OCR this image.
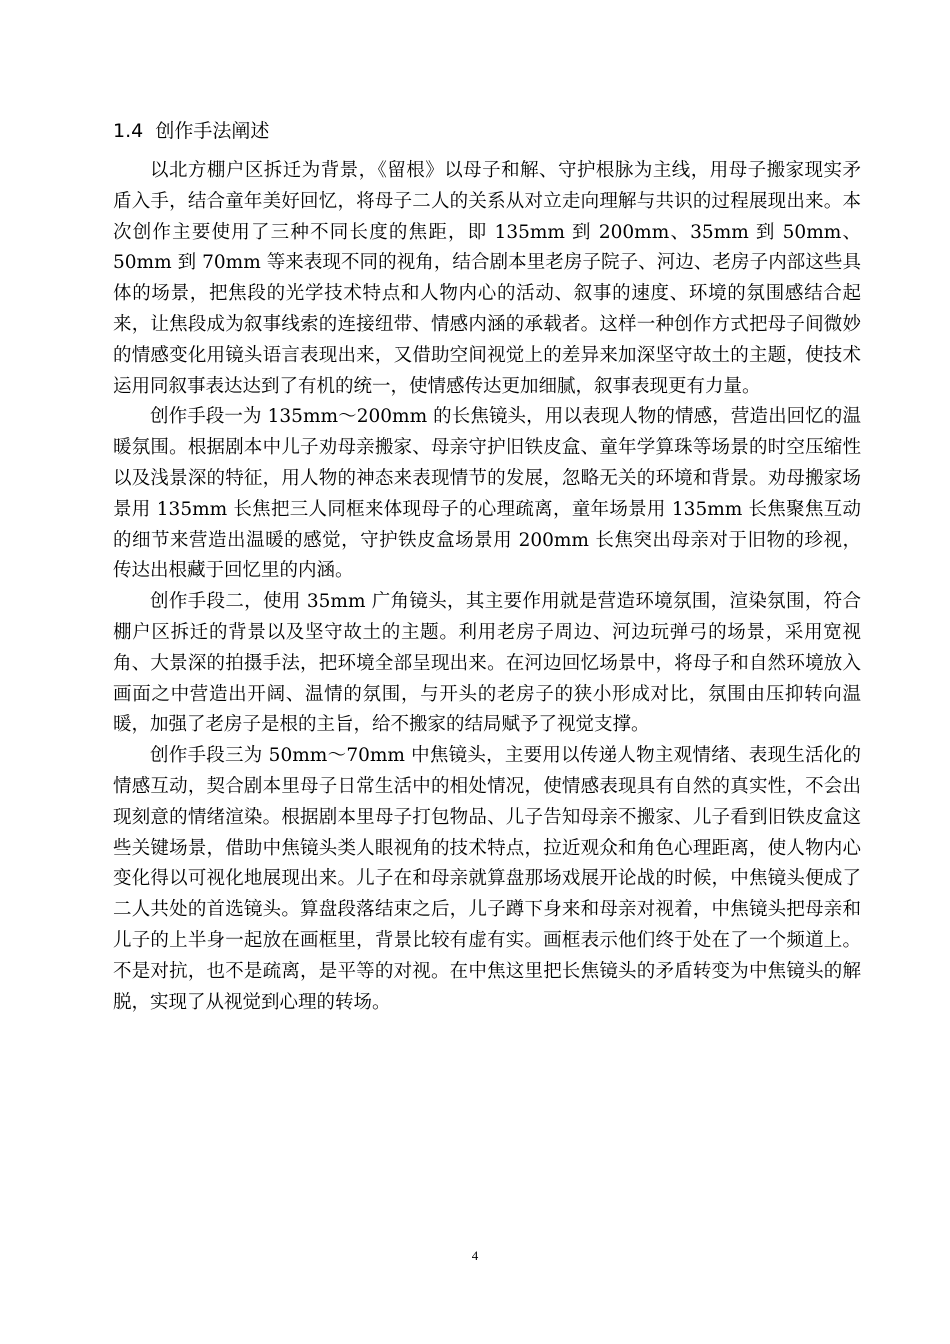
1.4 创作手法阐述

以北方棚户区拆迁为背景，《留根》以母子和解、守护根脉为主线，用母子搬家现实矛盾入手，结合童年美好回忆，将母子二人的关系从对立走向理解与共识的过程展现出来。本次创作主要使用了三种不同长度的焦距，即 135mm 到 200mm、35mm 到 50mm、50mm 到 70mm 等来表现不同的视角，结合剧本里老房子院子、河边、老房子内部这些具体的场景，把焦段的光学技术特点和人物内心的活动、叙事的速度、环境的氛围感结合起来，让焦段成为叙事线索的连接纽带、情感内涵的承载者。这样一种创作方式把母子间微妙的情感变化用镜头语言表现出来，又借助空间视觉上的差异来加深坚守故土的主题，使技术运用同叙事表达达到了有机的统一，使情感传达更加细腻，叙事表现更有力量。

创作手段一为 135mm～200mm 的长焦镜头，用以表现人物的情感，营造出回忆的温暖氛围。根据剧本中儿子劝母亲搬家、母亲守护旧铁皮盒、童年学算珠等场景的时空压缩性以及浅景深的特征，用人物的神态来表现情节的发展，忽略无关的环境和背景。劝母搬家场景用 135mm 长焦把三人同框来体现母子的心理疏离，童年场景用 135mm 长焦聚焦互动的细节来营造出温暖的感觉，守护铁皮盒场景用 200mm 长焦突出母亲对于旧物的珍视，传达出根藏于回忆里的内涵。

创作手段二，使用 35mm 广角镜头，其主要作用就是营造环境氛围，渲染氛围，符合棚户区拆迁的背景以及坚守故土的主题。利用老房子周边、河边玩弹弓的场景，采用宽视角、大景深的拍摄手法，把环境全部呈现出来。在河边回忆场景中，将母子和自然环境放入画面之中营造出开阔、温情的氛围，与开头的老房子的狭小形成对比，氛围由压抑转向温暖，加强了老房子是根的主旨，给不搬家的结局赋予了视觉支撑。

创作手段三为 50mm～70mm 中焦镜头，主要用以传递人物主观情绪、表现生活化的情感互动，契合剧本里母子日常生活中的相处情况，使情感表现具有自然的真实性，不会出现刻意的情绪渲染。根据剧本里母子打包物品、儿子告知母亲不搬家、儿子看到旧铁皮盒这些关键场景，借助中焦镜头类人眼视角的技术特点，拉近观众和角色心理距离，使人物内心变化得以可视化地展现出来。儿子在和母亲就算盘那场戏展开论战的时候，中焦镜头便成了二人共处的首选镜头。算盘段落结束之后，儿子蹲下身来和母亲对视着，中焦镜头把母亲和儿子的上半身一起放在画框里，背景比较有虚有实。画框表示他们终于处在了一个频道上。不是对抗，也不是疏离，是平等的对视。在中焦这里把长焦镜头的矛盾转变为中焦镜头的解脱，实现了从视觉到心理的转场。

4
